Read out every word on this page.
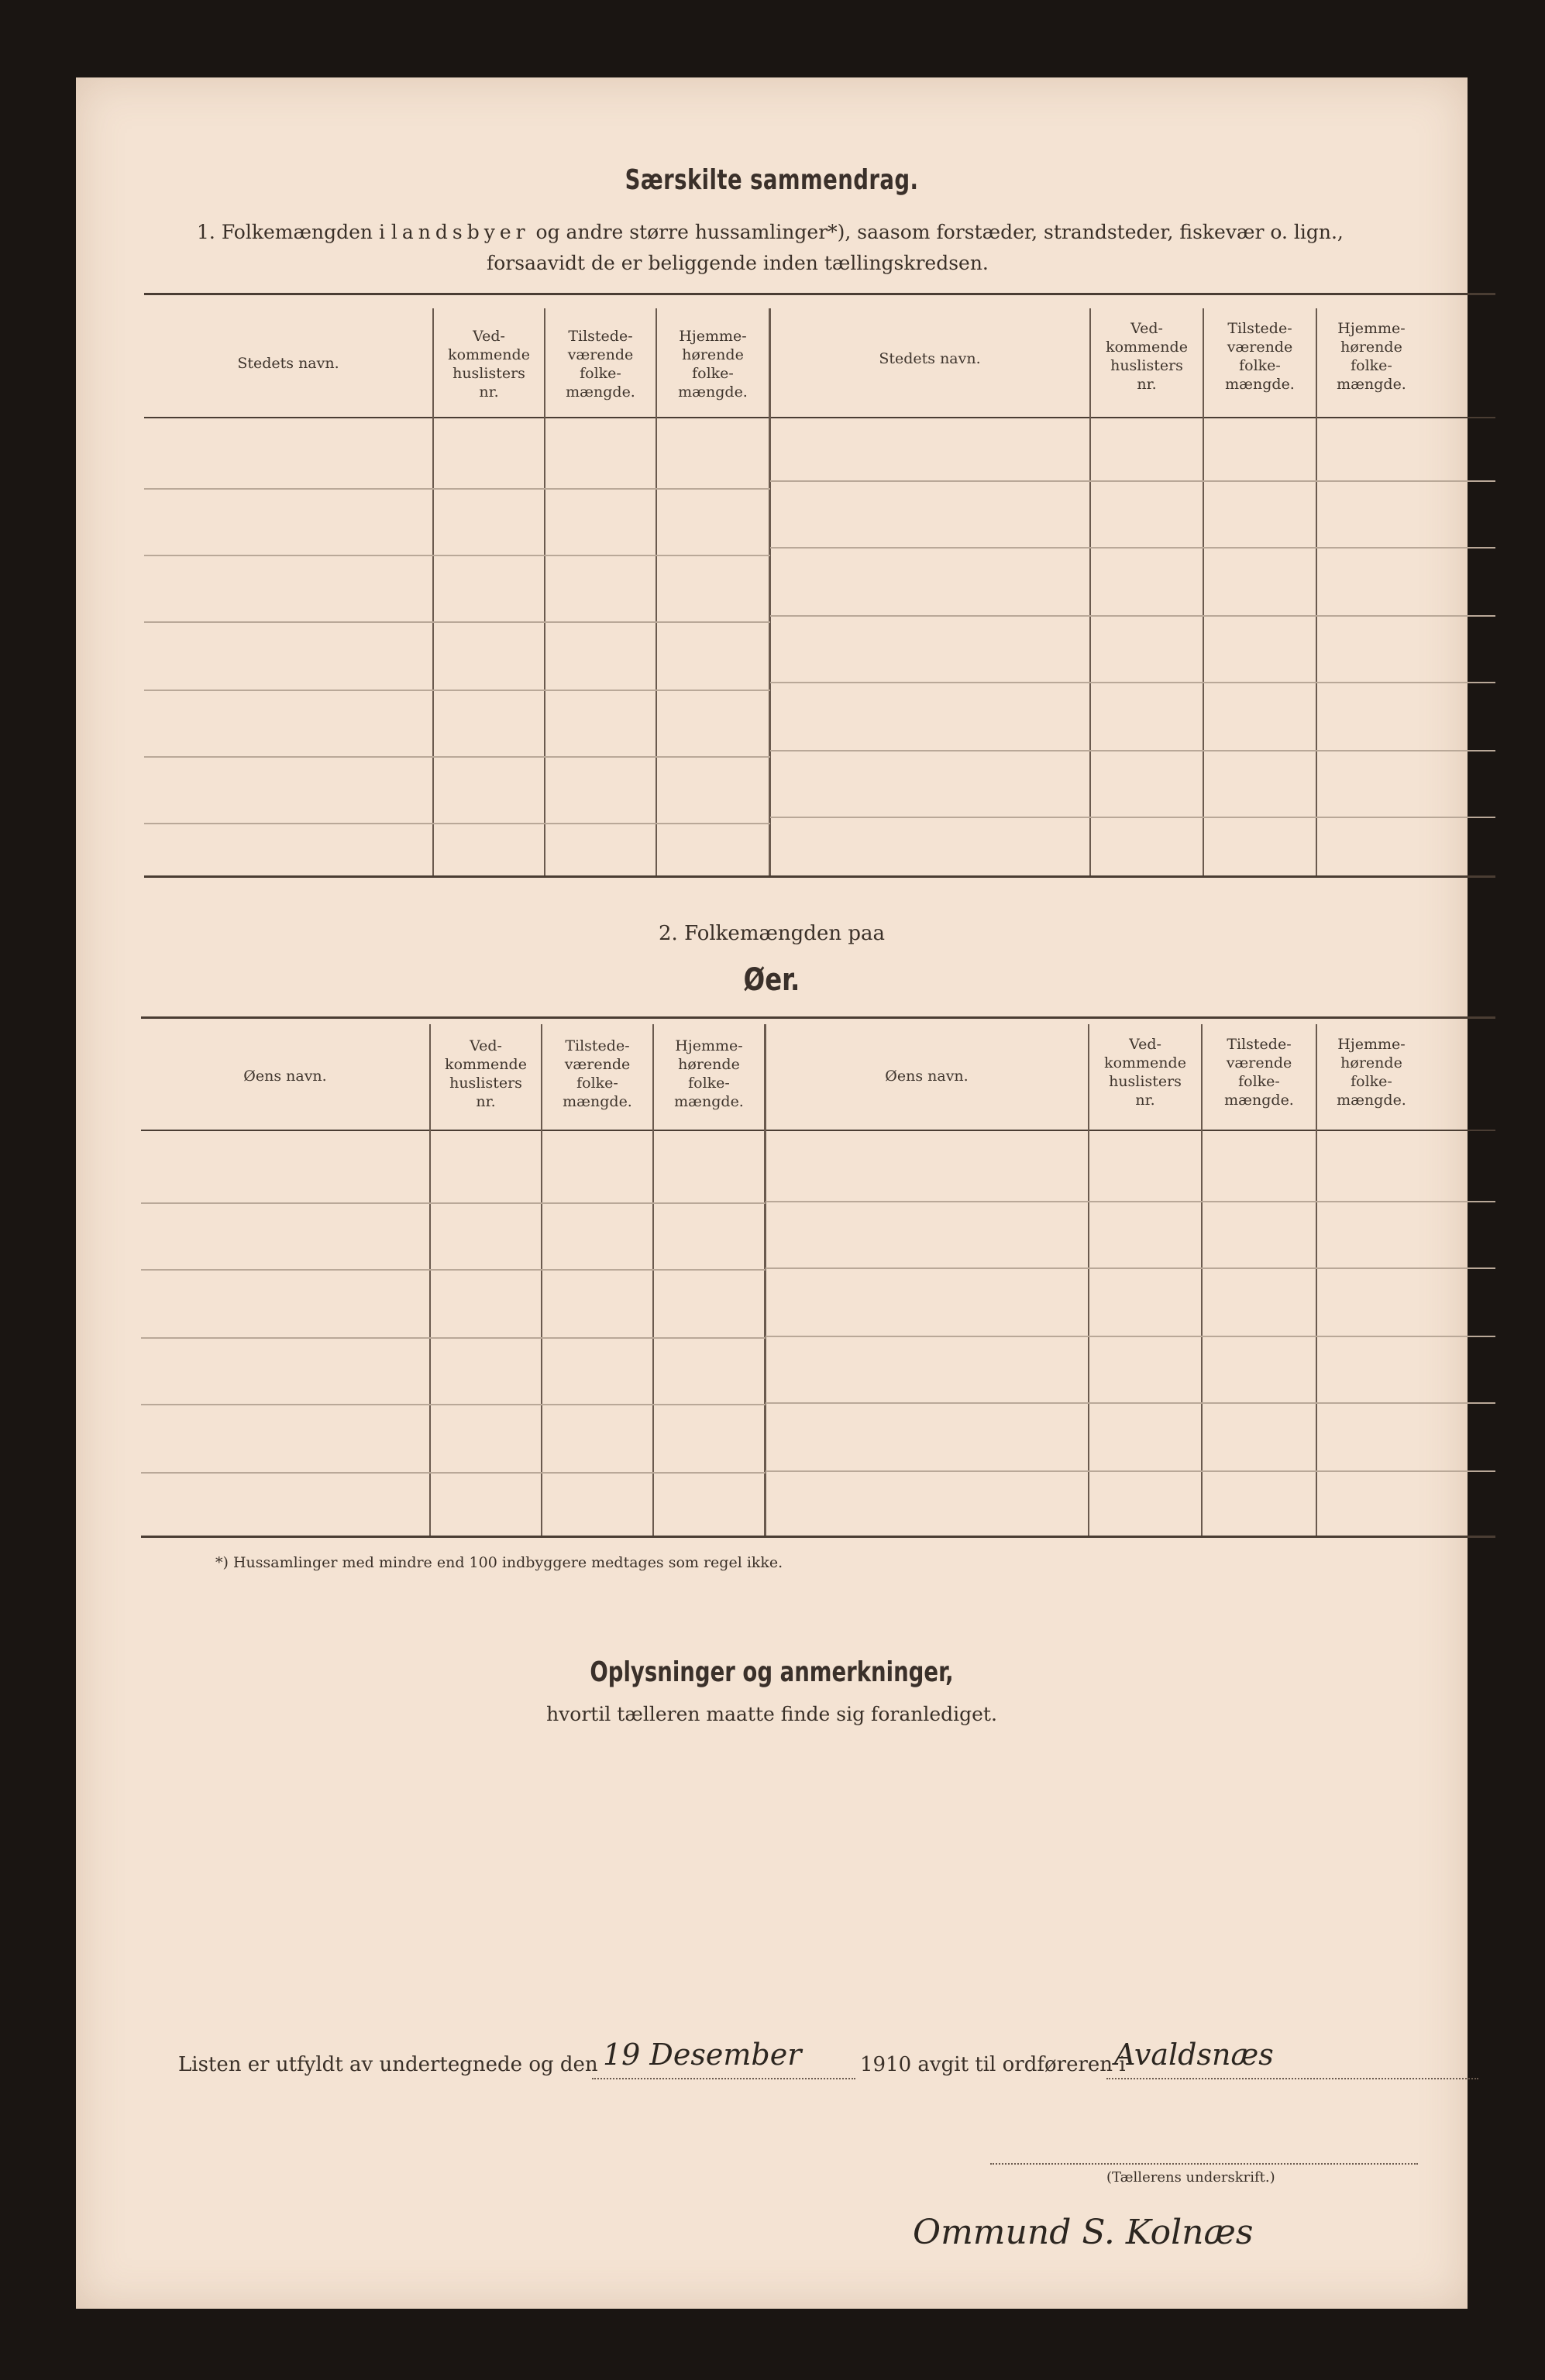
Særskilte sammendrag.
1. Folkemængden i landsbyer og andre større hussamlinger*), saasom forstæder, strandsteder, fiskevær o. lign.,
forsaavidt de er beliggende inden tællingskredsen.
Stedets navn.
Ved-
kommende
huslisters
nr.
Tilstede-
værende
folke-
mængde.
Hjemme-
hørende
folke-
mængde.
Stedets navn.
Ved-
kommende
huslisters
nr.
Tilstede-
værende
folke-
mængde.
Hjemme-
hørende
folke-
mængde.
2. Folkemængden paa
Øer.
Øens navn.
Ved-
kommende
huslisters
nr.
Tilstede-
værende
folke-
mængde.
Hjemme-
hørende
folke-
mængde.
Øens navn.
Ved-
kommende
huslisters
nr.
Tilstede-
værende
folke-
mængde.
Hjemme-
hørende
folke-
mængde.
*) Hussamlinger med mindre end 100 indbyggere medtages som regel ikke.
Oplysninger og anmerkninger,
hvortil tælleren maatte finde sig foranlediget.
Listen er utfyldt av undertegnede og den 19 Desember	1910 avgit til ordføreren i
Avaldsnæs
(Tællerens underskrift.)
Ommund S. Kolnæs
